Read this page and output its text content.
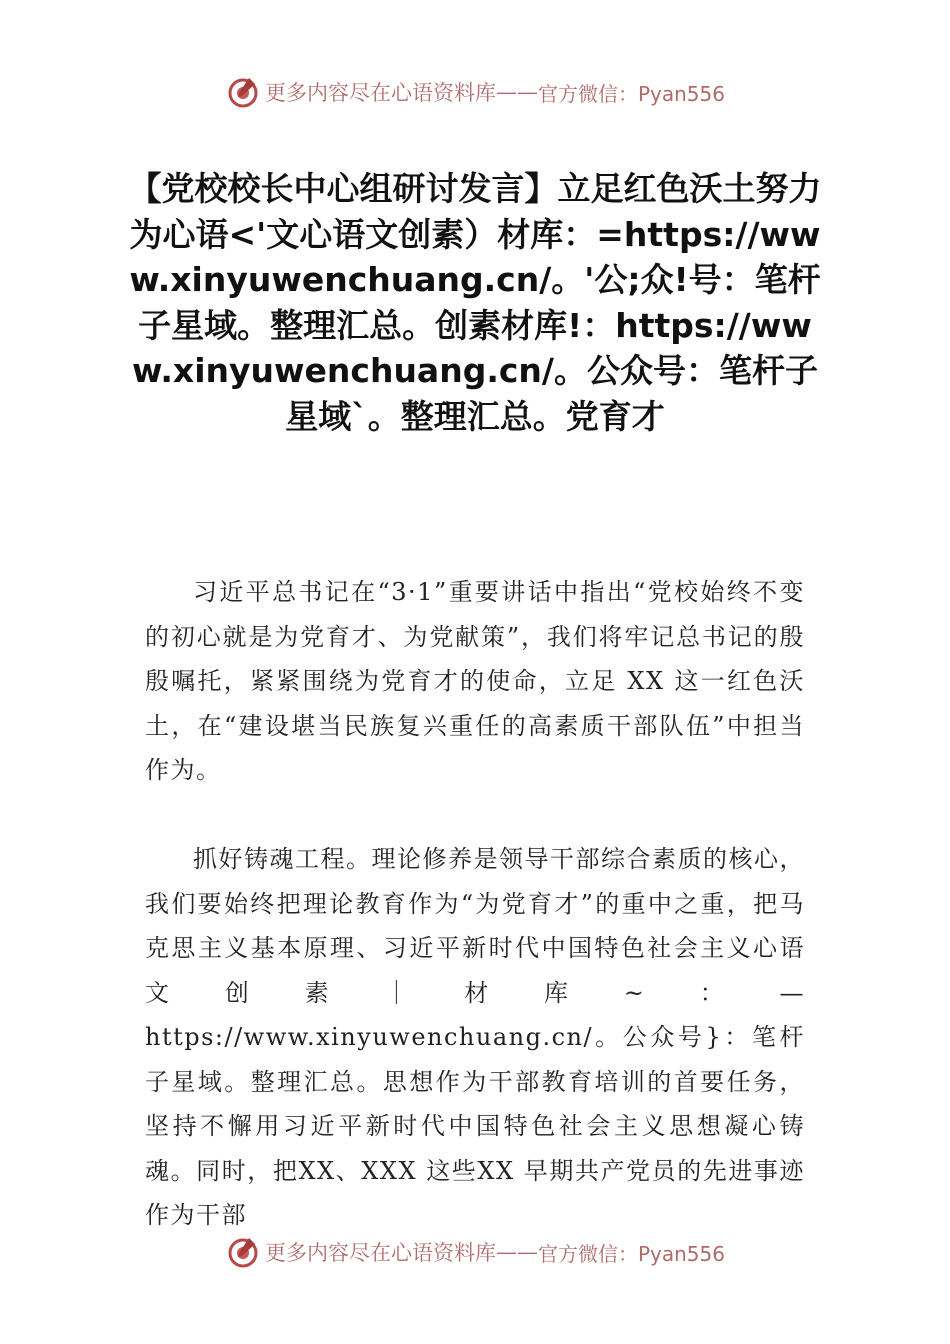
更多内容尽在心语资料库 —— 官方微信：Pyan556
【党校校长中心组研讨发言】立足红色沃土努力为心语<'文心语文创素）材库：=https://www.xinyuwenchuang.cn/。'公;众!号：笔杆子星域。整理汇总。创素材库!：https://www.xinyuwenchuang.cn/。公众号：笔杆子星域`。整理汇总。党育才

习近平总书记在“3·1”重要讲话中指出“党校始终不变的初心就是为党育才、为党献策”，我们将牢记总书记的殷殷嘱托，紧紧围绕为党育才的使命，立足 XX 这一红色沃土，在“建设堪当民族复兴重任的高素质干部队伍”中担当作为。

抓好铸魂工程。理论修养是领导干部综合素质的核心，我们要始终把理论教育作为“为党育才”的重中之重，把马克思主义基本原理、习近平新时代中国特色社会主义心语文创素｜材库~：—https://www.xinyuwenchuang.cn/。公众号}：笔杆子星域。整理汇总。思想作为干部教育培训的首要任务，坚持不懈用习近平新时代中国特色社会主义思想凝心铸魂。同时，把XX、XXX 这些XX 早期共产党员的先进事迹作为干部

更多内容尽在心语资料库 —— 官方微信：Pyan556
